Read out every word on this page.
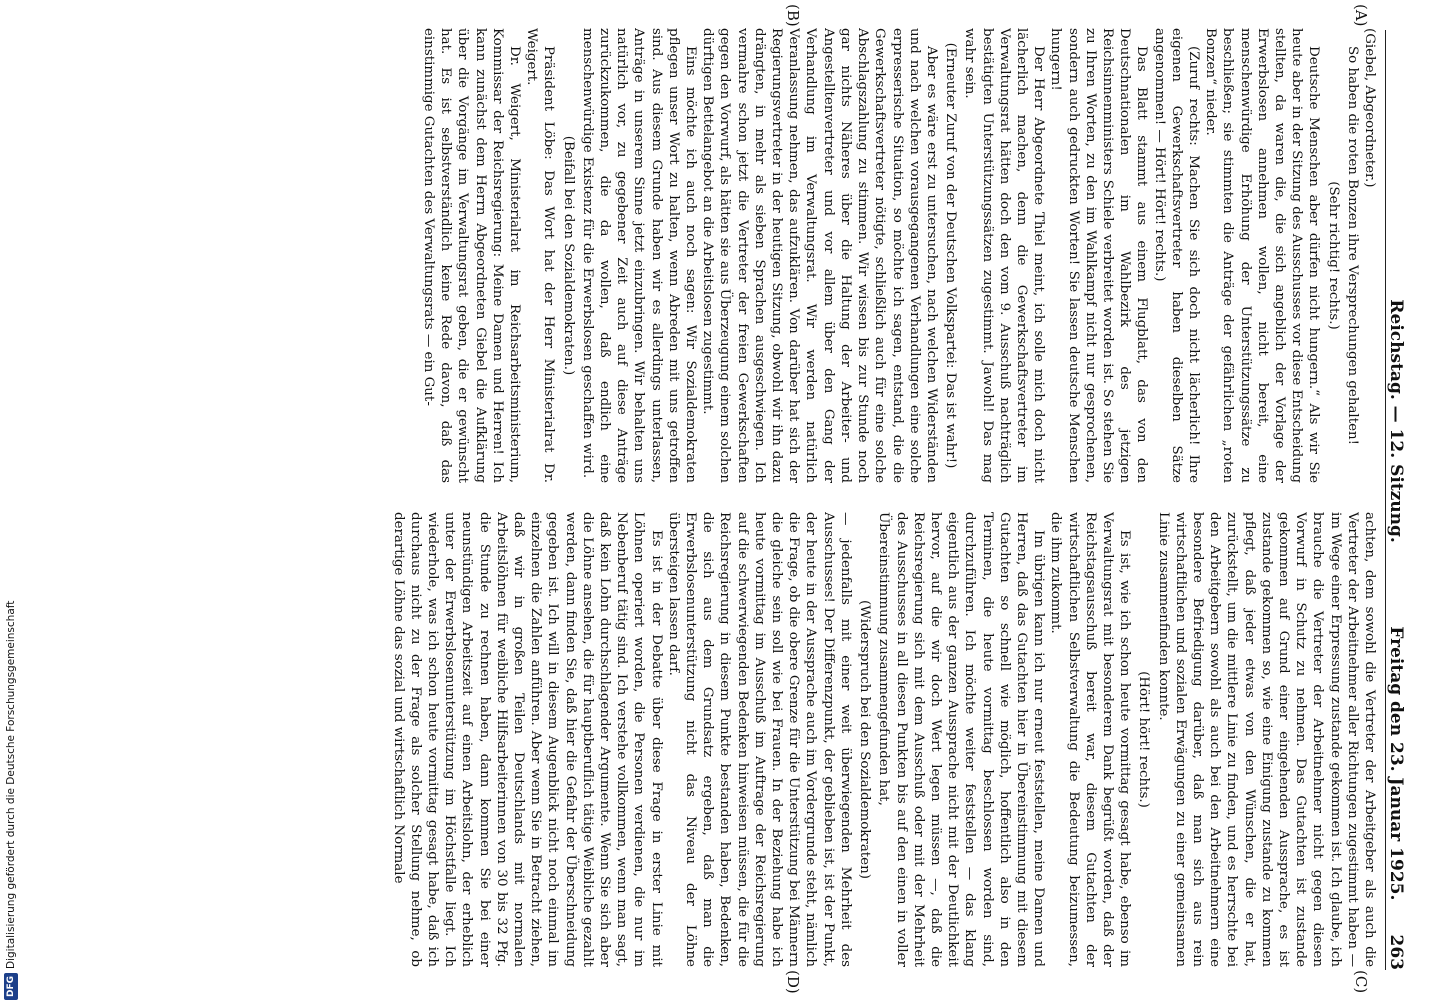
Reichstag. — 12. Sitzung.
Freitag den 23. Januar 1925.
263
(A)
(B)
(C)
(D)

(Giebel, Abgeordneter.)

So haben die roten Bonzen ihre Versprechungen gehalten!

(Sehr richtig! rechts.)

Deutsche Menschen aber dürfen nicht hungern.“ Als wir Sie heute aber in der Sitzung des Ausschusses vor diese Entscheidung stellten, da waren die, die sich angeblich der Vorlage der Erwerbslosen annehmen wollen, nicht bereit, eine menschenwürdige Erhöhung der Unterstützungssätze zu beschließen; sie stimmten die Anträge der gefährlichen „roten Bonzen“ nieder.

(Zuruf rechts: Machen Sie sich doch nicht lächerlich! Ihre eigenen Gewerkschaftsvertreter haben dieselben Sätze angenommen! — Hört! Hört! rechts.)

Das Blatt stammt aus einem Flugblatt, das von den Deutschnationalen im Wahlbezirk des jetzigen Reichsinnenministers Schiele verbreitet worden ist. So stehen Sie zu Ihren Worten, zu den im Wahlkampf nicht nur gesprochenen, sondern auch gedruckten Worten! Sie lassen deutsche Menschen hungern!

Der Herr Abgeordnete Thiel meint, ich solle mich doch nicht lächerlich machen, denn die Gewerkschaftsvertreter im Verwaltungsrat hätten doch den vom 9. Ausschuß nachträglich bestätigten Unterstützungssätzen zugestimmt. Jawohl! Das mag wahr sein.

(Erneuter Zuruf von der Deutschen Volkspartei: Das ist wahr!)

Aber es wäre erst zu untersuchen, nach welchen Widerständen und nach welchen vorausgegangenen Verhandlungen eine solche erpresserische Situation, so möchte ich sagen, entstand, die die Gewerkschaftsvertreter nötigte, schließlich auch für eine solche Abschlagszahlung zu stimmen. Wir wissen bis zur Stunde noch gar nichts Näheres über die Haltung der Arbeiter- und Angestelltenvertreter und vor allem über den Gang der Verhandlung im Verwaltungsrat. Wir werden natürlich Veranlassung nehmen, das aufzuklären. Von darüber hat sich der Regierungsvertreter in der heutigen Sitzung, obwohl wir ihn dazu drängten, in mehr als sieben Sprachen ausgeschwiegen. Ich vermahre schon jetzt die Vertreter der freien Gewerkschaften gegen den Vorwurf, als hätten sie aus Überzeugung einem solchen dürftigen Bettelangebot an die Arbeitslosen zugestimmt.

Eins möchte ich auch noch sagen: Wir Sozialdemokraten pflegen unser Wort zu halten, wenn Abreden mit uns getroffen sind. Aus diesem Grunde haben wir es allerdings unterlassen, Anträge in unserem Sinne jetzt einzubringen. Wir behalten uns natürlich vor, zu gegebener Zeit auch auf diese Anträge zurückzukommen, die da wollen, daß endlich eine menschenwürdige Existenz für die Erwerbslosen geschaffen wird.

(Beifall bei den Sozialdemokraten.)

Präsident Löbe: Das Wort hat der Herr Ministerialrat Dr. Weigert.

Dr. Weigert, Ministerialrat im Reichsarbeitsministerium, Kommissar der Reichsregierung: Meine Damen und Herren! Ich kann zunächst dem Herrn Abgeordneten Giebel die Aufklärung über die Vorgänge im Verwaltungsrat geben, die er gewünscht hat. Es ist selbstverständlich keine Rede davon, daß das einstimmige Gutachten des Verwaltungsrats — ein Gut-

achten, dem sowohl die Vertreter der Arbeitgeber als auch die Vertreter der Arbeitnehmer aller Richtungen zugestimmt haben — im Wege einer Erpressung zustande gekommen ist. Ich glaube, ich brauche die Vertreter der Arbeitnehmer nicht gegen diesen Vorwurf in Schutz zu nehmen. Das Gutachten ist zustande gekommen auf Grund einer eingehenden Aussprache, es ist zustande gekommen so, wie eine Einigung zustande zu kommen pflegt, daß jeder etwas von den Wünschen, die er hat, zurückstellt, um die mittlere Linie zu finden, und es herrschte bei den Arbeitgebern sowohl als auch bei den Arbeitnehmern eine besondere Befriedigung darüber, daß man sich aus rein wirtschaftlichen und sozialen Erwägungen zu einer gemeinsamen Linie zusammenfinden konnte.

(Hört! hört! rechts.)

Es ist, wie ich schon heute vormittag gesagt habe, ebenso im Verwaltungsrat mit besonderem Dank begrüßt worden, daß der Reichstagsausschuß bereit war, diesem Gutachten der wirtschaftlichen Selbstverwaltung die Bedeutung beizumessen, die ihm zukommt.

Im übrigen kann ich nur erneut feststellen, meine Damen und Herren, daß das Gutachten hier in Übereinstimmung mit diesem Gutachten so schnell wie möglich, hoffentlich also in den Terminen, die heute vormittag beschlossen worden sind, durchzuführen. Ich möchte weiter feststellen — das klang eigentlich aus der ganzen Aussprache nicht mit der Deutlichkeit hervor, auf die wir doch Wert legen müssen —, daß die Reichsregierung sich mit dem Ausschuß oder mit der Mehrheit des Ausschusses in all diesen Punkten bis auf den einen in voller Übereinstimmung zusammengefunden hat,

(Widerspruch bei den Sozialdemokraten)

— jedenfalls mit einer weit überwiegenden Mehrheit des Ausschusses! Der Differenzpunkt, der geblieben ist, ist der Punkt, der heute in der Aussprache auch im Vordergrunde steht, nämlich die Frage, ob die obere Grenze für die Unterstützung bei Männern die gleiche sein soll wie bei Frauen. In der Beziehung habe ich heute vormittag im Ausschuß im Auftrage der Reichsregierung auf die schwerwiegenden Bedenken hinweisen müssen, die für die Reichsregierung in diesem Punkte bestanden haben, Bedenken, die sich aus dem Grundsatz ergeben, daß man die Erwerbslosenunterstützung nicht das Niveau der Löhne übersteigen lassen darf.

Es ist in der Debatte über diese Frage in erster Linie mit Löhnen operiert worden, die Personen verdienen, die nur im Nebenberuf tätig sind. Ich verstehe vollkommen, wenn man sagt, daß kein Lohn durchschlagender Argumente. Wenn Sie sich aber die Löhne ansehen, die für hauptberuflich tätige Weibliche gezahlt werden, dann finden Sie, daß hier die Gefahr der Überschneidung gegeben ist. Ich will in diesem Augenblick nicht noch einmal im einzelnen die Zahlen anführen. Aber wenn Sie in Betracht ziehen, daß wir in großen Teilen Deutschlands mit normalen Arbeitslöhnen für weibliche Hilfsarbeiterinnen von 30 bis 32 Pfg. die Stunde zu rechnen haben, dann kommen Sie bei einer neunstündigen Arbeitszeit auf einen Arbeitslohn, der erheblich unter der Erwerbslosenunterstützung im Höchstfalle liegt. Ich wiederhole, was ich schon heute vormittag gesagt habe, daß ich durchaus nicht zu der Frage als solcher Stellung nehme, ob derartige Löhne das sozial und wirtschaftlich Normale

DFGDigitalisierung gefördert durch die Deutsche Forschungsgemeinschaft
